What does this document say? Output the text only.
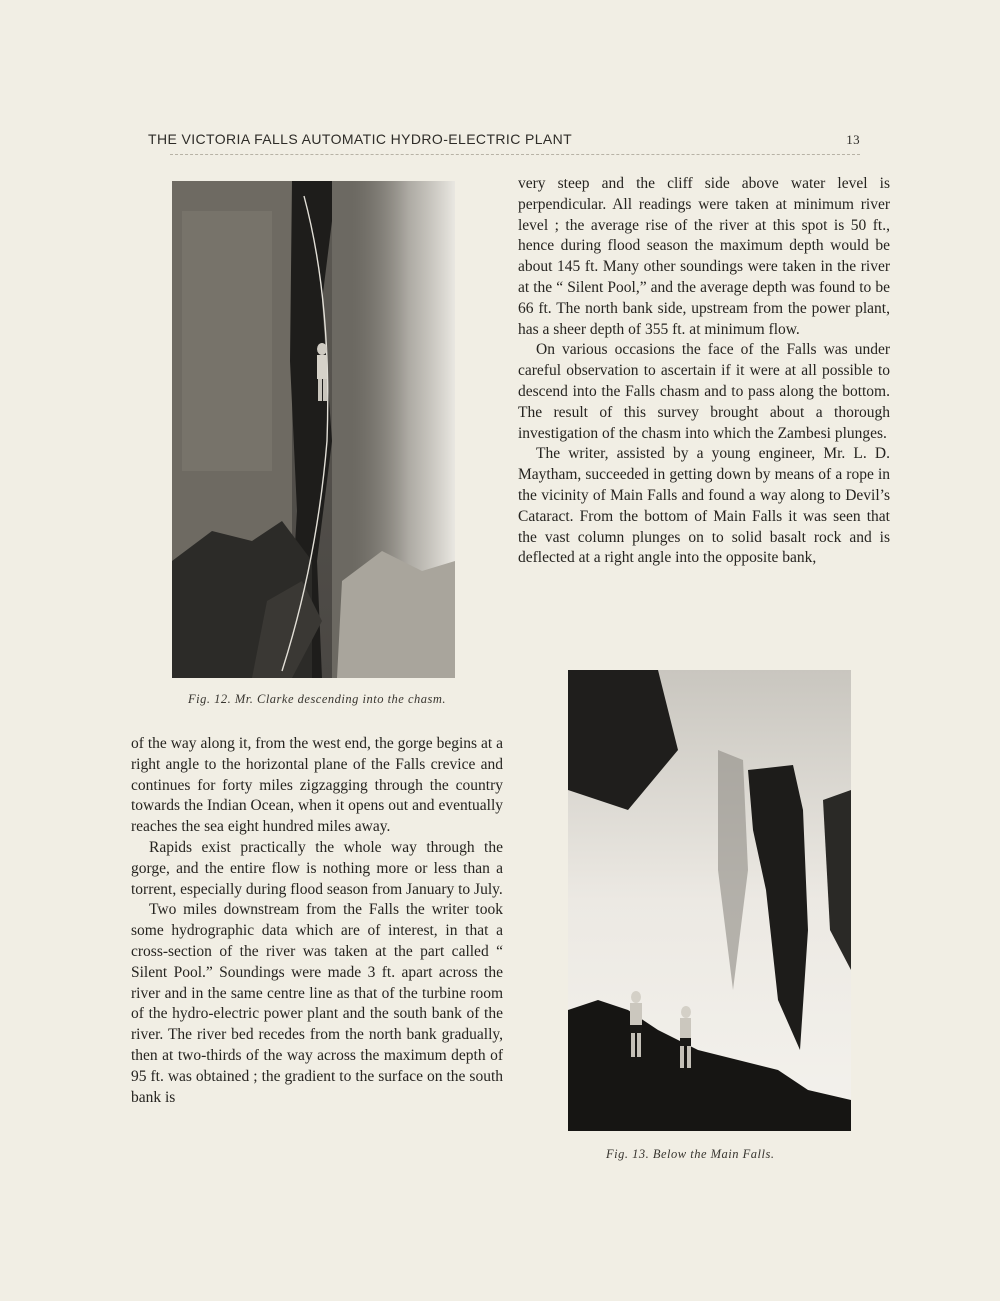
THE VICTORIA FALLS AUTOMATIC HYDRO-ELECTRIC PLANT	13
Fig. 12. Mr. Clarke descending into the chasm.

very steep and the cliff side above water level is perpendicular. All readings were taken at minimum river level ; the average rise of the river at this spot is 50 ft., hence during flood season the maximum depth would be about 145 ft. Many other soundings were taken in the river at the “ Silent Pool,” and the average depth was found to be 66 ft. The north bank side, upstream from the power plant, has a sheer depth of 355 ft. at minimum flow.

On various occasions the face of the Falls was under careful observation to ascertain if it were at all possible to descend into the Falls chasm and to pass along the bottom. The result of this survey brought about a thorough investigation of the chasm into which the Zambesi plunges.

The writer, assisted by a young engineer, Mr. L. D. Maytham, succeeded in getting down by means of a rope in the vicinity of Main Falls and found a way along to Devil’s Cataract. From the bottom of Main Falls it was seen that the vast column plunges on to solid basalt rock and is deflected at a right angle into the opposite bank,

Fig. 13. Below the Main Falls.

of the way along it, from the west end, the gorge begins at a right angle to the horizontal plane of the Falls crevice and continues for forty miles zigzagging through the country towards the Indian Ocean, when it opens out and eventually reaches the sea eight hundred miles away.

Rapids exist practically the whole way through the gorge, and the entire flow is nothing more or less than a torrent, especially during flood season from January to July.

Two miles downstream from the Falls the writer took some hydrographic data which are of interest, in that a cross-section of the river was taken at the part called “ Silent Pool.” Soundings were made 3 ft. apart across the river and in the same centre line as that of the turbine room of the hydro-electric power plant and the south bank of the river. The river bed recedes from the north bank gradually, then at two-thirds of the way across the maximum depth of 95 ft. was obtained ; the gradient to the surface on the south bank is
